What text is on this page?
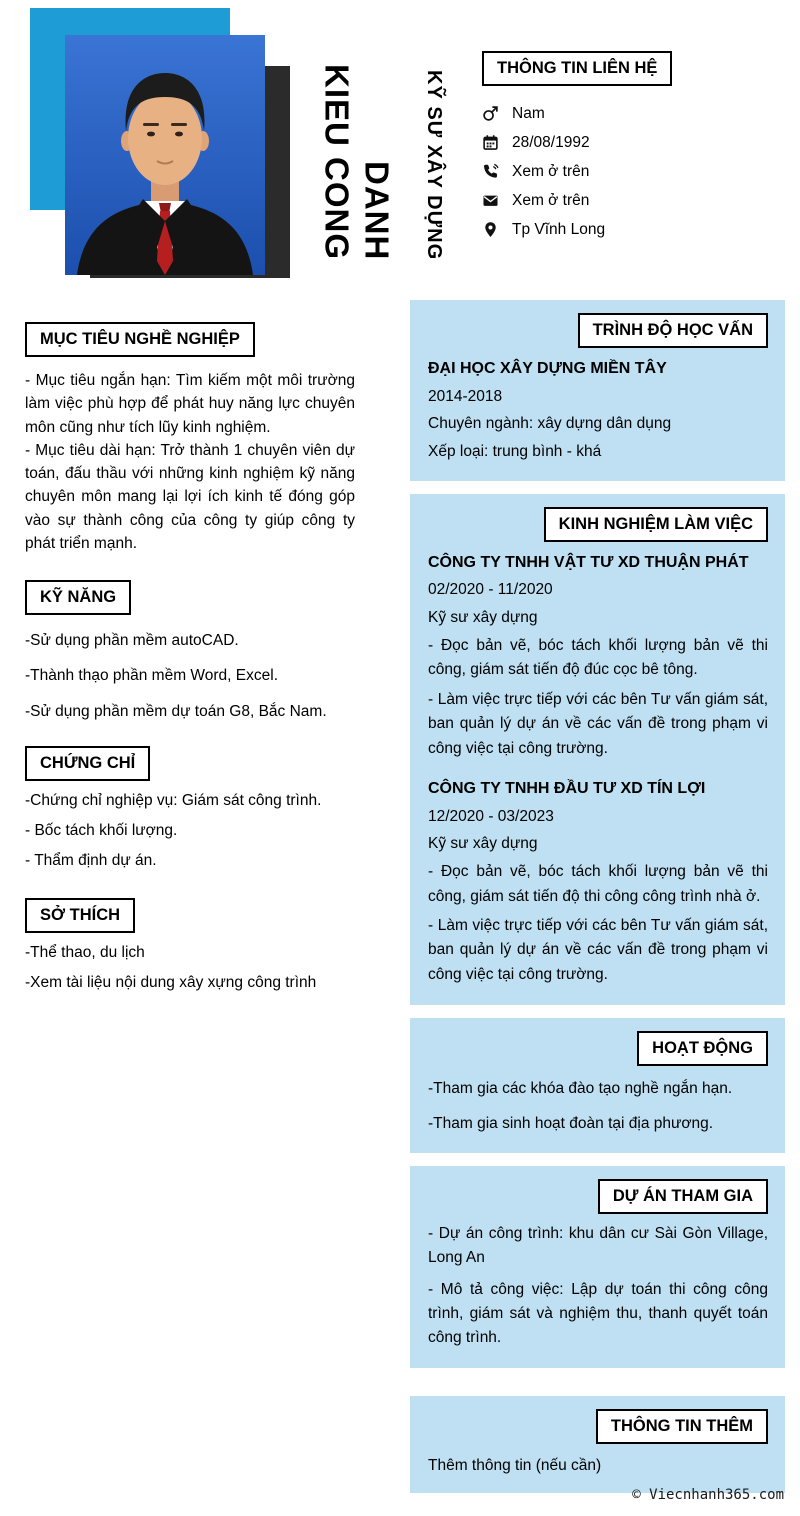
KIEU CONG DANH KỸ SƯ XÂY DỰNG
THÔNG TIN LIÊN HỆ
Nam
28/08/1992
Xem ở trên
Xem ở trên
Tp Vĩnh Long
MỤC TIÊU NGHỀ NGHIỆP

- Mục tiêu ngắn hạn: Tìm kiếm một môi trường làm việc phù hợp để phát huy năng lực chuyên môn cũng như tích lũy kinh nghiệm.

- Mục tiêu dài hạn: Trở thành 1 chuyên viên dự toán, đấu thầu với những kinh nghiệm kỹ năng chuyên môn mang lại lợi ích kinh tế đóng góp vào sự thành công của công ty giúp công ty phát triển mạnh.

KỸ NĂNG

-Sử dụng phần mềm autoCAD.

-Thành thạo phần mềm Word, Excel.

-Sử dụng phần mềm dự toán G8, Bắc Nam.

CHỨNG CHỈ

-Chứng chỉ nghiệp vụ: Giám sát công trình.

- Bốc tách khối lượng.

- Thẩm định dự án.

SỞ THÍCH

-Thể thao, du lịch

-Xem tài liệu nội dung xây xựng công trình

TRÌNH ĐỘ HỌC VẤN
ĐẠI HỌC XÂY DỰNG MIỀN TÂY
2014-2018
Chuyên ngành: xây dựng dân dụng
Xếp loại: trung bình - khá
KINH NGHIỆM LÀM VIỆC
CÔNG TY TNHH VẬT TƯ XD THUẬN PHÁT
02/2020 - 11/2020
Kỹ sư xây dựng

- Đọc bản vẽ, bóc tách khối lượng bản vẽ thi công, giám sát tiến độ đúc cọc bê tông.

- Làm việc trực tiếp với các bên Tư vấn giám sát, ban quản lý dự án về các vấn đề trong phạm vi công việc tại công trường.

CÔNG TY TNHH ĐẦU TƯ XD TÍN LỢI
12/2020 - 03/2023
Kỹ sư xây dựng

- Đọc bản vẽ, bóc tách khối lượng bản vẽ thi công, giám sát tiến độ thi công công trình nhà ở.

- Làm việc trực tiếp với các bên Tư vấn giám sát, ban quản lý dự án về các vấn đề trong phạm vi công việc tại công trường.

HOẠT ĐỘNG

-Tham gia các khóa đào tạo nghề ngắn hạn.

-Tham gia sinh hoạt đoàn tại địa phương.

DỰ ÁN THAM GIA

- Dự án công trình: khu dân cư Sài Gòn Village, Long An

- Mô tả công việc: Lập dự toán thi công công trình, giám sát và nghiệm thu, thanh quyết toán công trình.

THÔNG TIN THÊM
Thêm thông tin (nếu cần)
© Viecnhanh365.com
